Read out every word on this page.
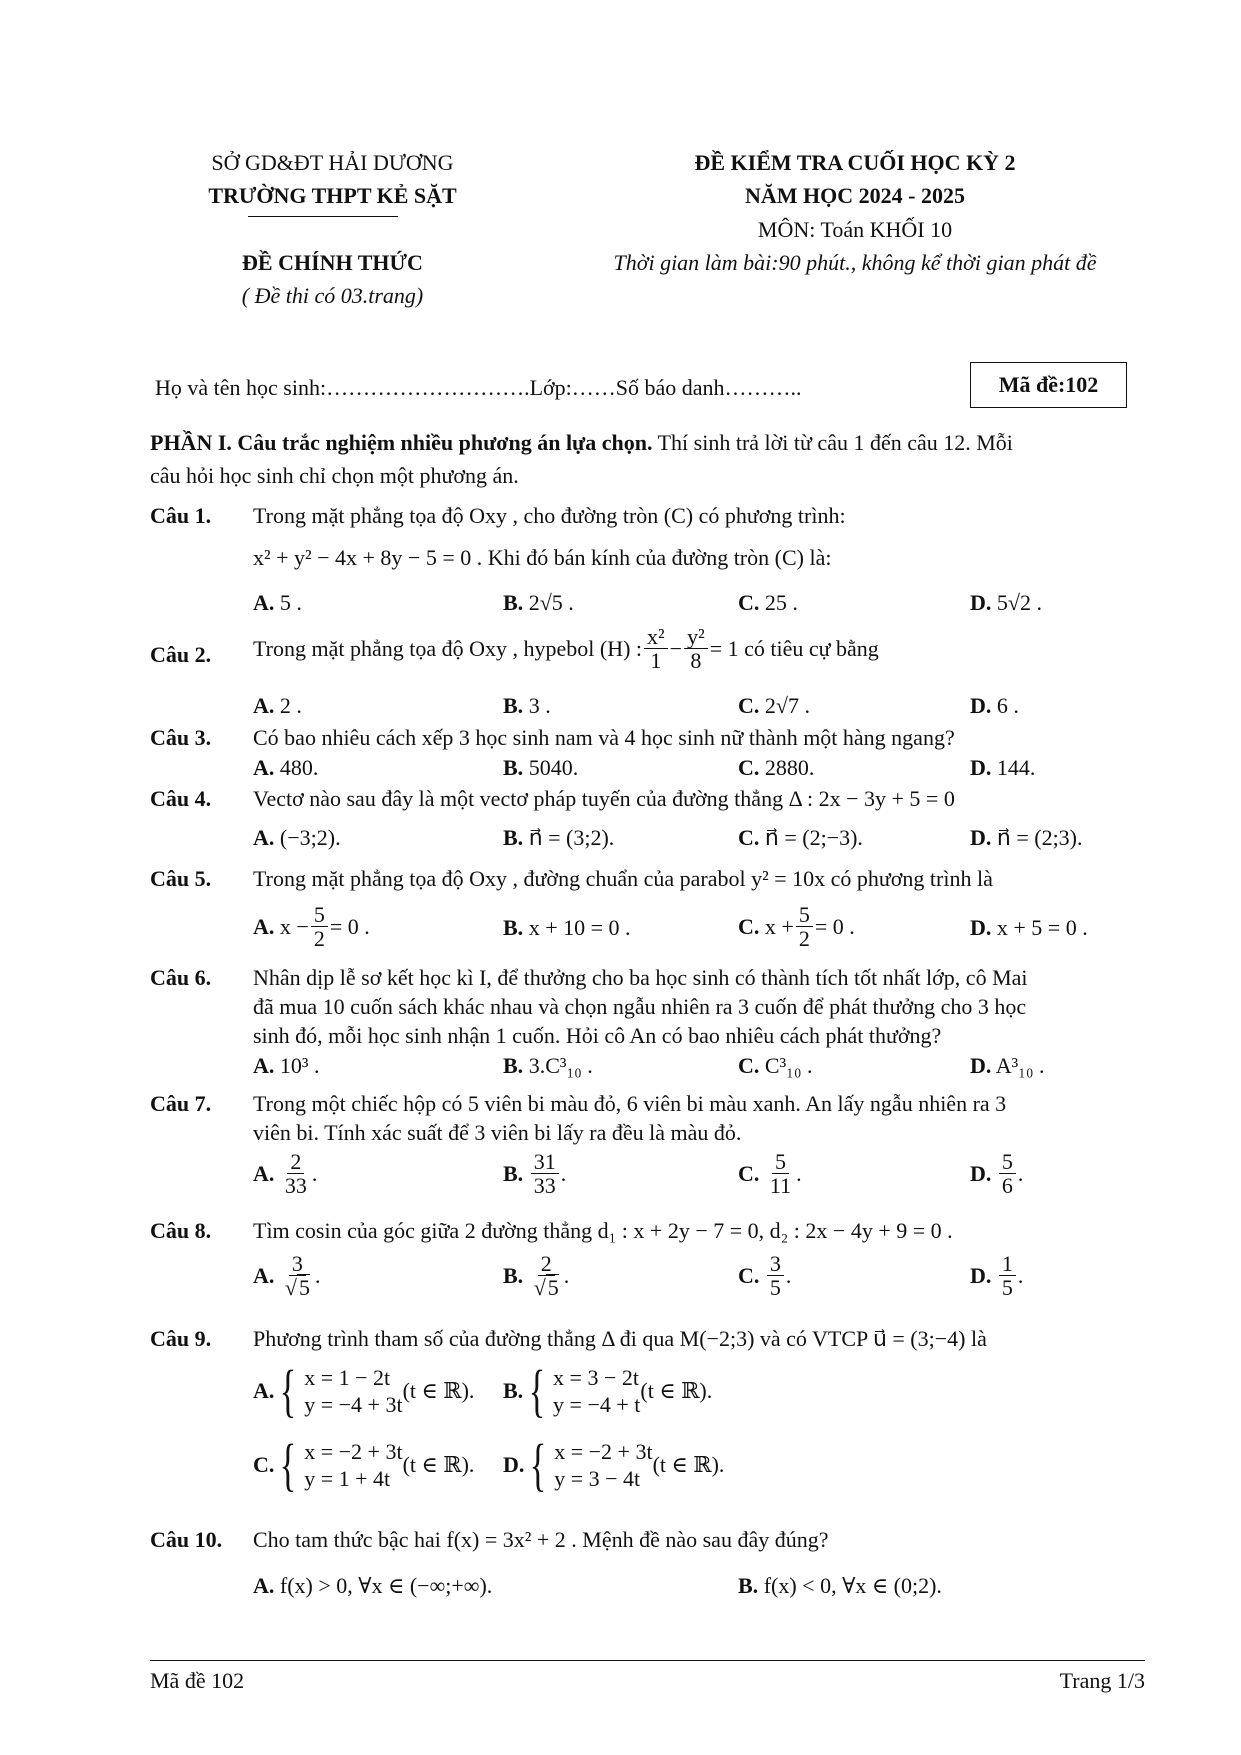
SỞ GD&ĐT HẢI DƯƠNG
TRƯỜNG THPT KẺ SẶT
ĐỀ CHÍNH THỨC
( Đề thi có 03.trang)
ĐỀ KIỂM TRA CUỐI HỌC KỲ 2
NĂM HỌC 2024 - 2025
MÔN: Toán KHỐI 10
Thời gian làm bài:90 phút., không kể thời gian phát đề
Họ và tên học sinh:……………………….Lớp:……Số báo danh………..	Mã đề:102
PHẦN I. Câu trắc nghiệm nhiều phương án lựa chọn. Thí sinh trả lời từ câu 1 đến câu 12. Mỗi
câu hỏi học sinh chỉ chọn một phương án.
Câu 1. Trong mặt phẳng tọa độ Oxy , cho đường tròn (C) có phương trình:
x² + y² − 4x + 8y − 5 = 0 . Khi đó bán kính của đường tròn (C) là:
A. 5 .	B. 2√5 .	C. 25 .	D. 5√2 .
Câu 2. Trong mặt phẳng tọa độ Oxy , hypebol (H) : $\frac{\text{x²}}{1} - \frac{\text{y²}}{8} = 1$ có tiêu cự bằng
A. 2 .	B. 3 .	C. 2√7 .	D. 6 .
Câu 3. Có bao nhiêu cách xếp 3 học sinh nam và 4 học sinh nữ thành một hàng ngang?
A. 480.	B. 5040.	C. 2880.	D. 144.
Câu 4. Vectơ nào sau đây là một vectơ pháp tuyến của đường thẳng Δ : 2x − 3y + 5 = 0
A. (−3;2).	B. n⃗ = (3;2).	C. n⃗ = (2;−3).	D. n⃗ = (2;3).
Câu 5. Trong mặt phẳng tọa độ Oxy , đường chuẩn của parabol y² = 10x có phương trình là
A.
$x - \frac{5}{2} = 0$ .	B. x + 10 = 0 .	C.
$x + \frac{5}{2} = 0$ .	D. x + 5 = 0 .
Câu 6. Nhân dịp lễ sơ kết học kì I, để thưởng cho ba học sinh có thành tích tốt nhất lớp, cô Mai
đã mua 10 cuốn sách khác nhau và chọn ngẫu nhiên ra 3 cuốn để phát thưởng cho 3 học
sinh đó, mỗi học sinh nhận 1 cuốn. Hỏi cô An có bao nhiêu cách phát thưởng?
A. 10³ .	B. 3.C³₁₀ .	C. C³₁₀ .	D. A³₁₀ .
Câu 7. Trong một chiếc hộp có 5 viên bi màu đỏ, 6 viên bi màu xanh. An lấy ngẫu nhiên ra 3
viên bi. Tính xác suất để 3 viên bi lấy ra đều là màu đỏ.
A.
$\frac{2}{33}$ .	B.
$\frac{31}{33}$ .	C.
$\frac{5}{11}$ .	D.
$\frac{5}{6}$ .
Câu 8. Tìm cosin của góc giữa 2 đường thẳng d₁ : x + 2y − 7 = 0, d₂ : 2x − 4y + 9 = 0 .
A.
$\frac{3}{√5}$ .	B.
$\frac{2}{√5}$ .	C.
$\frac{3}{5}$ .	D.
$\frac{1}{5}$ .
Câu 9. Phương trình tham số của đường thẳng Δ đi qua M(−2;3) và có VTCP u⃗ = (3;−4) là
A. { x = 1 − 2t
y = −4 + 3t
(t ∈ ℝ). B. { x = 3 − 2t
y = −4 + t
(t ∈ ℝ).
C. { x = −2 + 3t
y = 1 + 4t
(t ∈ ℝ). D. { x = −2 + 3t
y = 3 − 4t
(t ∈ ℝ).
Câu 10. Cho tam thức bậc hai f(x) = 3x² + 2 . Mệnh đề nào sau đây đúng?
A. f(x) > 0, ∀x ∈ (−∞;+∞).	B. f(x) < 0, ∀x ∈ (0;2).
Mã đề 102	Trang 1/3
